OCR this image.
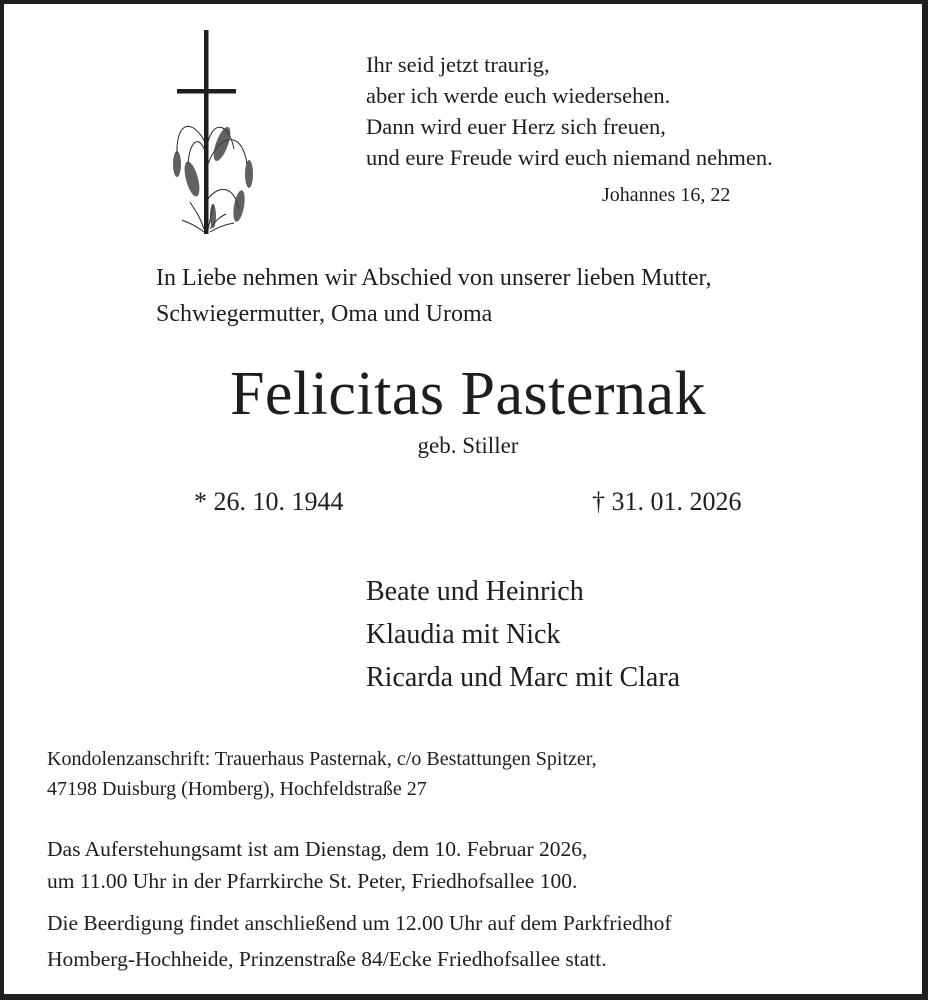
Ihr seid jetzt traurig,
aber ich werde euch wiedersehen.
Dann wird euer Herz sich freuen,
und eure Freude wird euch niemand nehmen.
Johannes 16, 22
In Liebe nehmen wir Abschied von unserer lieben Mutter,
Schwiegermutter, Oma und Uroma
Felicitas Pasternak
geb. Stiller
* 26. 10. 1944	† 31. 01. 2026
Beate und Heinrich
Klaudia mit Nick
Ricarda und Marc mit Clara
Kondolenzanschrift: Trauerhaus Pasternak, c/o Bestattungen Spitzer,
47198 Duisburg (Homberg), Hochfeldstraße 27
Das Auferstehungsamt ist am Dienstag, dem 10. Februar 2026,
um 11.00 Uhr in der Pfarrkirche St. Peter, Friedhofsallee 100.
Die Beerdigung findet anschließend um 12.00 Uhr auf dem Parkfriedhof
Homberg-Hochheide, Prinzenstraße 84/Ecke Friedhofsallee statt.
